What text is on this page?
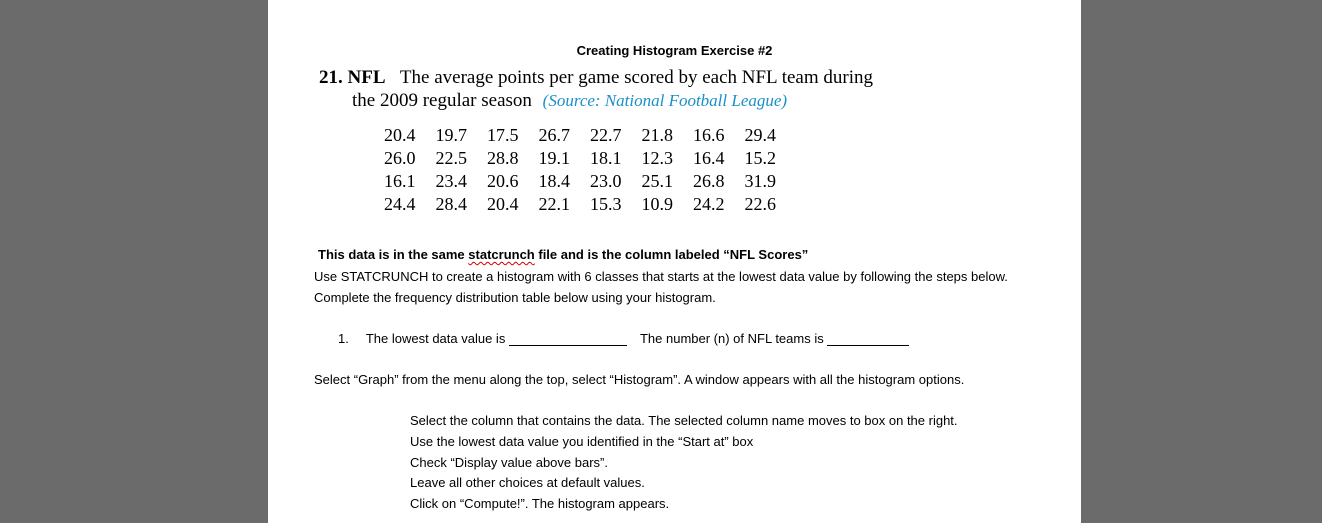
Creating Histogram Exercise #2
21. NFL The average points per game scored by each NFL team during
the 2009 regular season (Source: National Football League)
20.4	19.7	17.5	26.7	22.7	21.8	16.6	29.4
26.0	22.5	28.8	19.1	18.1	12.3	16.4	15.2
16.1	23.4	20.6	18.4	23.0	25.1	26.8	31.9
24.4	28.4	20.4	22.1	15.3	10.9	24.2	22.6
This data is in the same statcrunch file and is the column labeled “NFL Scores”
Use STATCRUNCH to create a histogram with 6 classes that starts at the lowest data value by following the steps below.
Complete the frequency distribution table below using your histogram.
1. The lowest data value is	The number (n) of NFL teams is
Select “Graph” from the menu along the top, select “Histogram”. A window appears with all the histogram options.
Select the column that contains the data. The selected column name moves to box on the right.
Use the lowest data value you identified in the “Start at” box
Check “Display value above bars”.
Leave all other choices at default values.
Click on “Compute!”. The histogram appears.
